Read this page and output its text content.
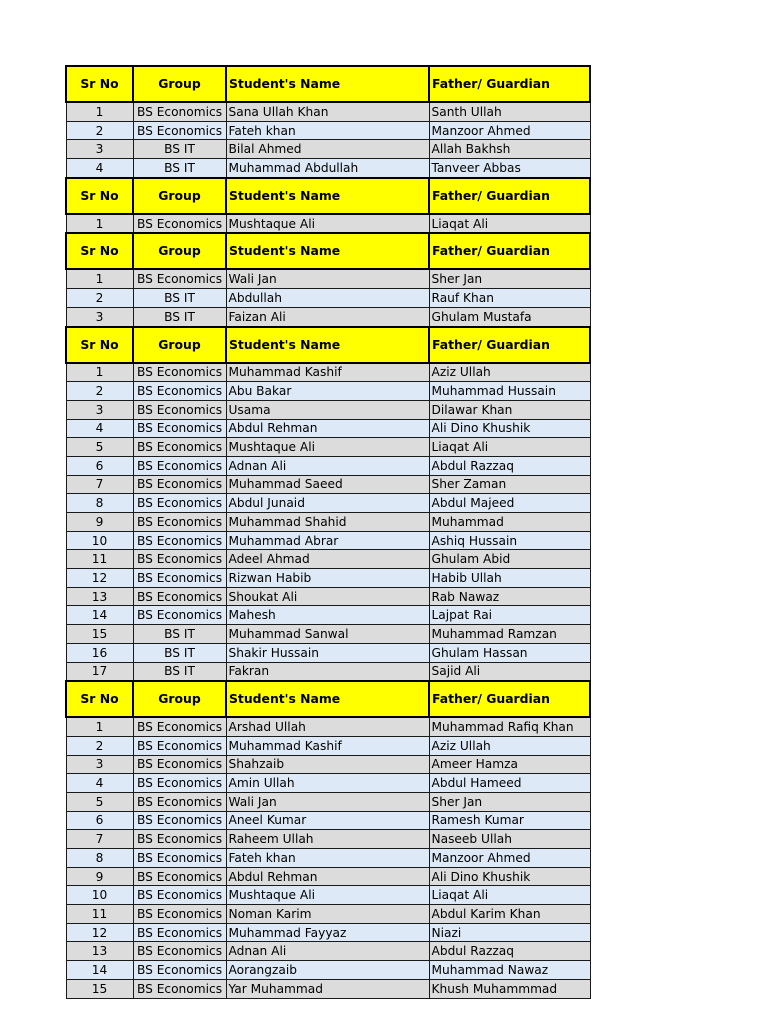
Sr No	Group	Student's Name	Father/ Guardian
1	BS Economics	Sana Ullah Khan	Santh Ullah
2	BS Economics	Fateh khan	Manzoor Ahmed
3	BS IT	Bilal Ahmed	Allah Bakhsh
4	BS IT	Muhammad Abdullah	Tanveer Abbas
Sr No	Group	Student's Name	Father/ Guardian
1	BS Economics	Mushtaque Ali	Liaqat Ali
Sr No	Group	Student's Name	Father/ Guardian
1	BS Economics	Wali Jan	Sher Jan
2	BS IT	Abdullah	Rauf Khan
3	BS IT	Faizan Ali	Ghulam Mustafa
Sr No	Group	Student's Name	Father/ Guardian
1	BS Economics	Muhammad Kashif	Aziz Ullah
2	BS Economics	Abu Bakar	Muhammad Hussain
3	BS Economics	Usama	Dilawar Khan
4	BS Economics	Abdul Rehman	Ali Dino Khushik
5	BS Economics	Mushtaque Ali	Liaqat Ali
6	BS Economics	Adnan Ali	Abdul Razzaq
7	BS Economics	Muhammad Saeed	Sher Zaman
8	BS Economics	Abdul Junaid	Abdul Majeed
9	BS Economics	Muhammad Shahid	Muhammad
10	BS Economics	Muhammad Abrar	Ashiq Hussain
11	BS Economics	Adeel Ahmad	Ghulam Abid
12	BS Economics	Rizwan Habib	Habib Ullah
13	BS Economics	Shoukat Ali	Rab Nawaz
14	BS Economics	Mahesh	Lajpat Rai
15	BS IT	Muhammad Sanwal	Muhammad Ramzan
16	BS IT	Shakir Hussain	Ghulam Hassan
17	BS IT	Fakran	Sajid Ali
Sr No	Group	Student's Name	Father/ Guardian
1	BS Economics	Arshad Ullah	Muhammad Rafiq Khan
2	BS Economics	Muhammad Kashif	Aziz Ullah
3	BS Economics	Shahzaib	Ameer Hamza
4	BS Economics	Amin Ullah	Abdul Hameed
5	BS Economics	Wali Jan	Sher Jan
6	BS Economics	Aneel Kumar	Ramesh Kumar
7	BS Economics	Raheem Ullah	Naseeb Ullah
8	BS Economics	Fateh khan	Manzoor Ahmed
9	BS Economics	Abdul Rehman	Ali Dino Khushik
10	BS Economics	Mushtaque Ali	Liaqat Ali
11	BS Economics	Noman Karim	Abdul Karim Khan
12	BS Economics	Muhammad Fayyaz	Niazi
13	BS Economics	Adnan Ali	Abdul Razzaq
14	BS Economics	Aorangzaib	Muhammad Nawaz
15	BS Economics	Yar Muhammad	Khush Muhammmad
